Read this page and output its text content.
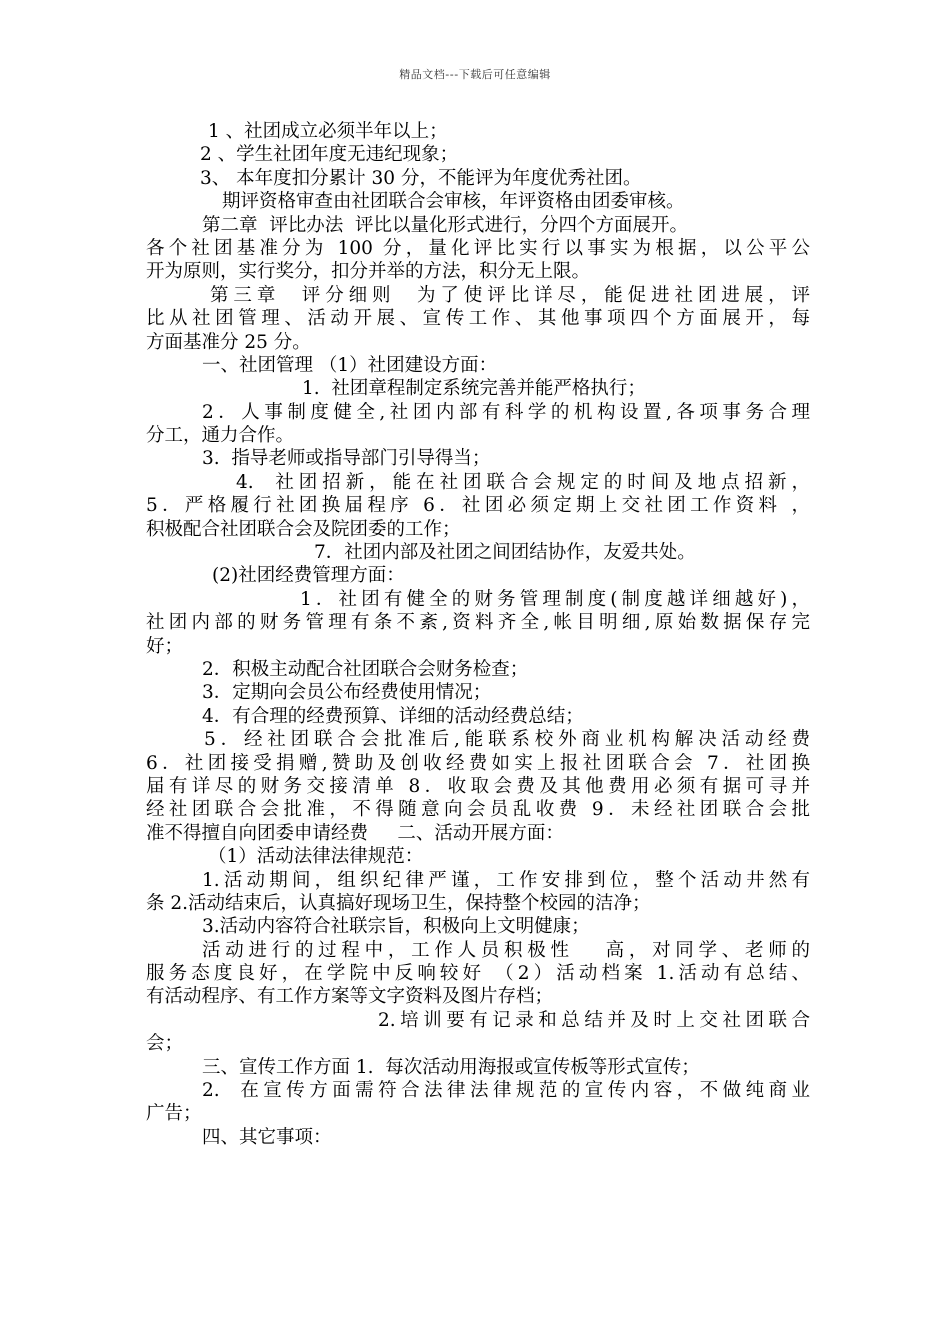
精品文档---下载后可任意编辑
1 、社团成立必须半年以上；
2 、学生社团年度无违纪现象；
3、 本年度扣分累计 30 分，不能评为年度优秀社团。
期评资格审查由社团联合会审核，年评资格由团委审核。
第二章  评比办法  评比以量化形式进行，分四个方面展开。
各个社团基准分为 100 分，量化评比实行以事实为根据，以公平公
开为原则，实行奖分，扣分并举的方法，积分无上限。
第三章  评分细则  为了使评比详尽，能促进社团进展，评
比从社团管理、活动开展、宣传工作、其他事项四个方面展开，每
方面基准分 25 分。
一、社团管理 （1）社团建设方面：
1.  社团章程制定系统完善并能严格执行；
2．人事制度健全,社团内部有科学的机构设置,各项事务合理
分工，通力合作。
3.  指导老师或指导部门引导得当；
4.  社团招新，能在社团联合会规定的时间及地点招新，
5．严格履行社团换届程序 6．社团必须定期上交社团工作资料 ，
积极配合社团联合会及院团委的工作；
7．社团内部及社团之间团结协作，友爱共处。
(2)社团经费管理方面：
1．社团有健全的财务管理制度(制度越详细越好)，
社团内部的财务管理有条不紊,资料齐全,帐目明细,原始数据保存完
好；
2．积极主动配合社团联合会财务检查；
3．定期向会员公布经费使用情况；
4．有合理的经费预算、详细的活动经费总结；
5．经社团联合会批准后,能联系校外商业机构解决活动经费
6．社团接受捐赠,赞助及创收经费如实上报社团联合会 7．社团换
届有详尽的财务交接清单 8．收取会费及其他费用必须有据可寻并
经社团联合会批准，不得随意向会员乱收费 9．未经社团联合会批
准不得擅自向团委申请经费     二、活动开展方面：
（1）活动法律法律规范：
1.活动期间，组织纪律严谨，工作安排到位，整个活动井然有
条 2.活动结束后，认真搞好现场卫生，保持整个校园的洁净；
3.活动内容符合社联宗旨，积极向上文明健康；
活动进行的过程中，工作人员积极性   高，对同学、老师的
服务态度良好，在学院中反响较好 （2）活动档案 1.活动有总结、
有活动程序、有工作方案等文字资料及图片存档；
2.培训要有记录和总结并及时上交社团联合
会；
三、宣传工作方面 1.  每次活动用海报或宣传板等形式宣传；
2.  在宣传方面需符合法律法律规范的宣传内容，不做纯商业
广告；
四、其它事项：
